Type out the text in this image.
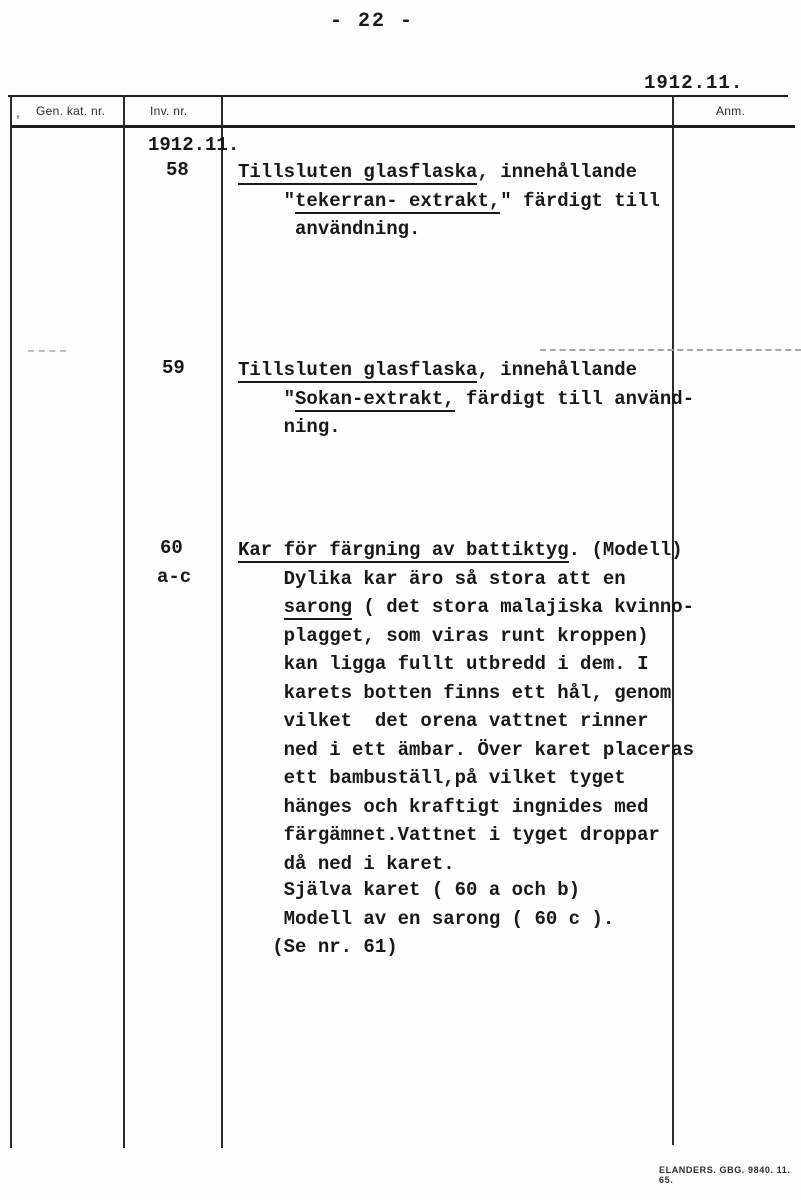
- 22 -
1912.11.
, Gen. kat. nr.	Inv. nr.	Anm.
1912.11.
58
59
60
a-c
Tillsluten glasflaska, innehållande
"tekerran- extrakt," färdigt till
användning.
Tillsluten glasflaska, innehållande
"Sokan-extrakt, färdigt till använd-
ning.
Kar för färgning av battiktyg. (Modell)
Dylika kar äro så stora att en
sarong ( det stora malajiska kvinno-
plagget, som viras runt kroppen)
kan ligga fullt utbredd i dem. I
karets botten finns ett hål, genom
vilket  det orena vattnet rinner
ned i ett ämbar. Över karet placeras
ett bambuställ,på vilket tyget
hänges och kraftigt ingnides med
färgämnet.Vattnet i tyget droppar
då ned i karet.
Själva karet ( 60 a och b)
Modell av en sarong ( 60 c ).
(Se nr. 61)
ELANDERS. GBG. 9840. 11. 65.
